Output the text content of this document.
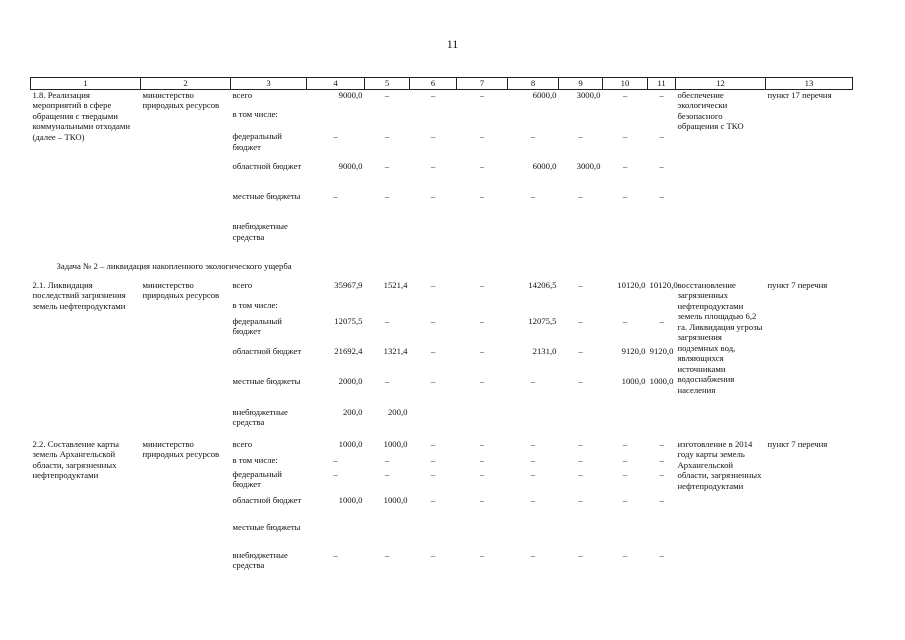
11
1	2	3	4	5	6	7	8	9	10	11	12	13
1.8. Реализация мероприятий в сфере обращения с твердыми коммунальными отходами (далее – ТКО)	министерство природных ресурсов	всего	9000,0	–	–	–	6000,0	3000,0	–	–	обеспечение экологически безопасного обращения с ТКО	пункт 17 перечня
		в том числе:										
		федеральный бюджет	–	–	–	–	–	–	–	–		
		областной бюджет	9000,0	–	–	–	6000,0	3000,0	–	–		
		местные бюджеты	–	–	–	–	–	–	–	–		
		внебюджетные средства										
Задача № 2 – ликвидация накопленного экологического ущерба												
2.1. Ликвидация последствий загрязнения земель нефтепродуктами	министерство природных ресурсов	всего	35967,9	1521,4	–	–	14206,5	–	10120,0	10120,0	восстановление загрязненных нефтепродуктами земель площадью 6,2 га. Ликвидация угрозы загрязнения подземных вод, являющихся источниками водоснабжения населения	пункт 7 перечня
		в том числе:										
		федеральный бюджет	12075,5	–	–	–	12075,5	–	–	–		
		областной бюджет	21692,4	1321,4	–	–	2131,0	–	9120,0	9120,0		
		местные бюджеты	2000,0	–	–	–	–	–	1000,0	1000,0		
		внебюджетные средства	200,0	200,0								
2.2. Составление карты земель Архангельской области, загрязненных нефтепродуктами	министерство природных ресурсов	всего	1000,0	1000,0	–	–	–	–	–	–	изготовление в 2014 году карты земель Архангельской области, загрязненных нефтепродуктами	пункт 7 перечня
		в том числе:	–	–	–	–	–	–	–	–		
		федеральный бюджет	–	–	–	–	–	–	–	–		
		областной бюджет	1000,0	1000,0	–	–	–	–	–	–		
		местные бюджеты										
		внебюджетные средства	–	–	–	–	–	–	–	–		
